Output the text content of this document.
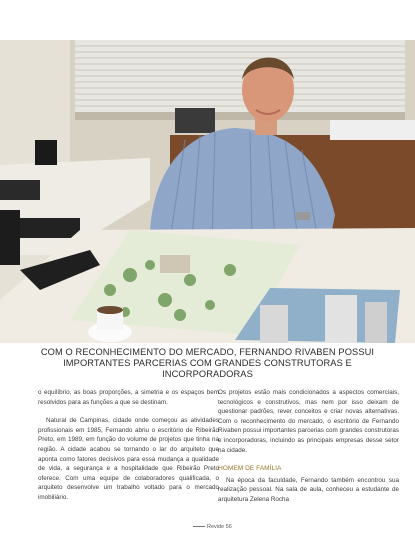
COM O RECONHECIMENTO DO MERCADO, FERNANDO RIVABEN POSSUI
IMPORTANTES PARCERIAS COM GRANDES CONSTRUTORAS E INCORPORADORAS

o equilíbrio, as boas proporções, a simetria e os espaços bem resolvidos para as funções a que se destinam.

Natural de Campinas, cidade onde começou as atividades profissionais em 1985, Fernando abriu o escritório de Ribeirão Preto, em 1989, em função do volume de projetos que tinha na região. A cidade acabou se tornando o lar do arquiteto que aponta como fatores decisivos para essa mudança a qualidade de vida, a segurança e a hospitalidade que Ribeirão Preto oferece. Com uma equipe de colaboradores qualificada, o arquiteto desenvolve um trabalho voltado para o mercado imobiliário.

Os projetos estão mais condicionados a aspectos comerciais, tecnológicos e construtivos, mas nem por isso deixam de questionar padrões, rever conceitos e criar novas alternativas. Com o reconhecimento do mercado, o escritório de Fernando Rivaben possui importantes parcerias com grandes construtoras e incorporadoras, incluindo as principais empresas desse setor na cidade.

HOMEM DE FAMÍLIA

Na época da faculdade, Fernando também encontrou sua realização pessoal. Na sala de aula, conheceu a estudante de arquitetura Zelena Rocha

Revide 56
